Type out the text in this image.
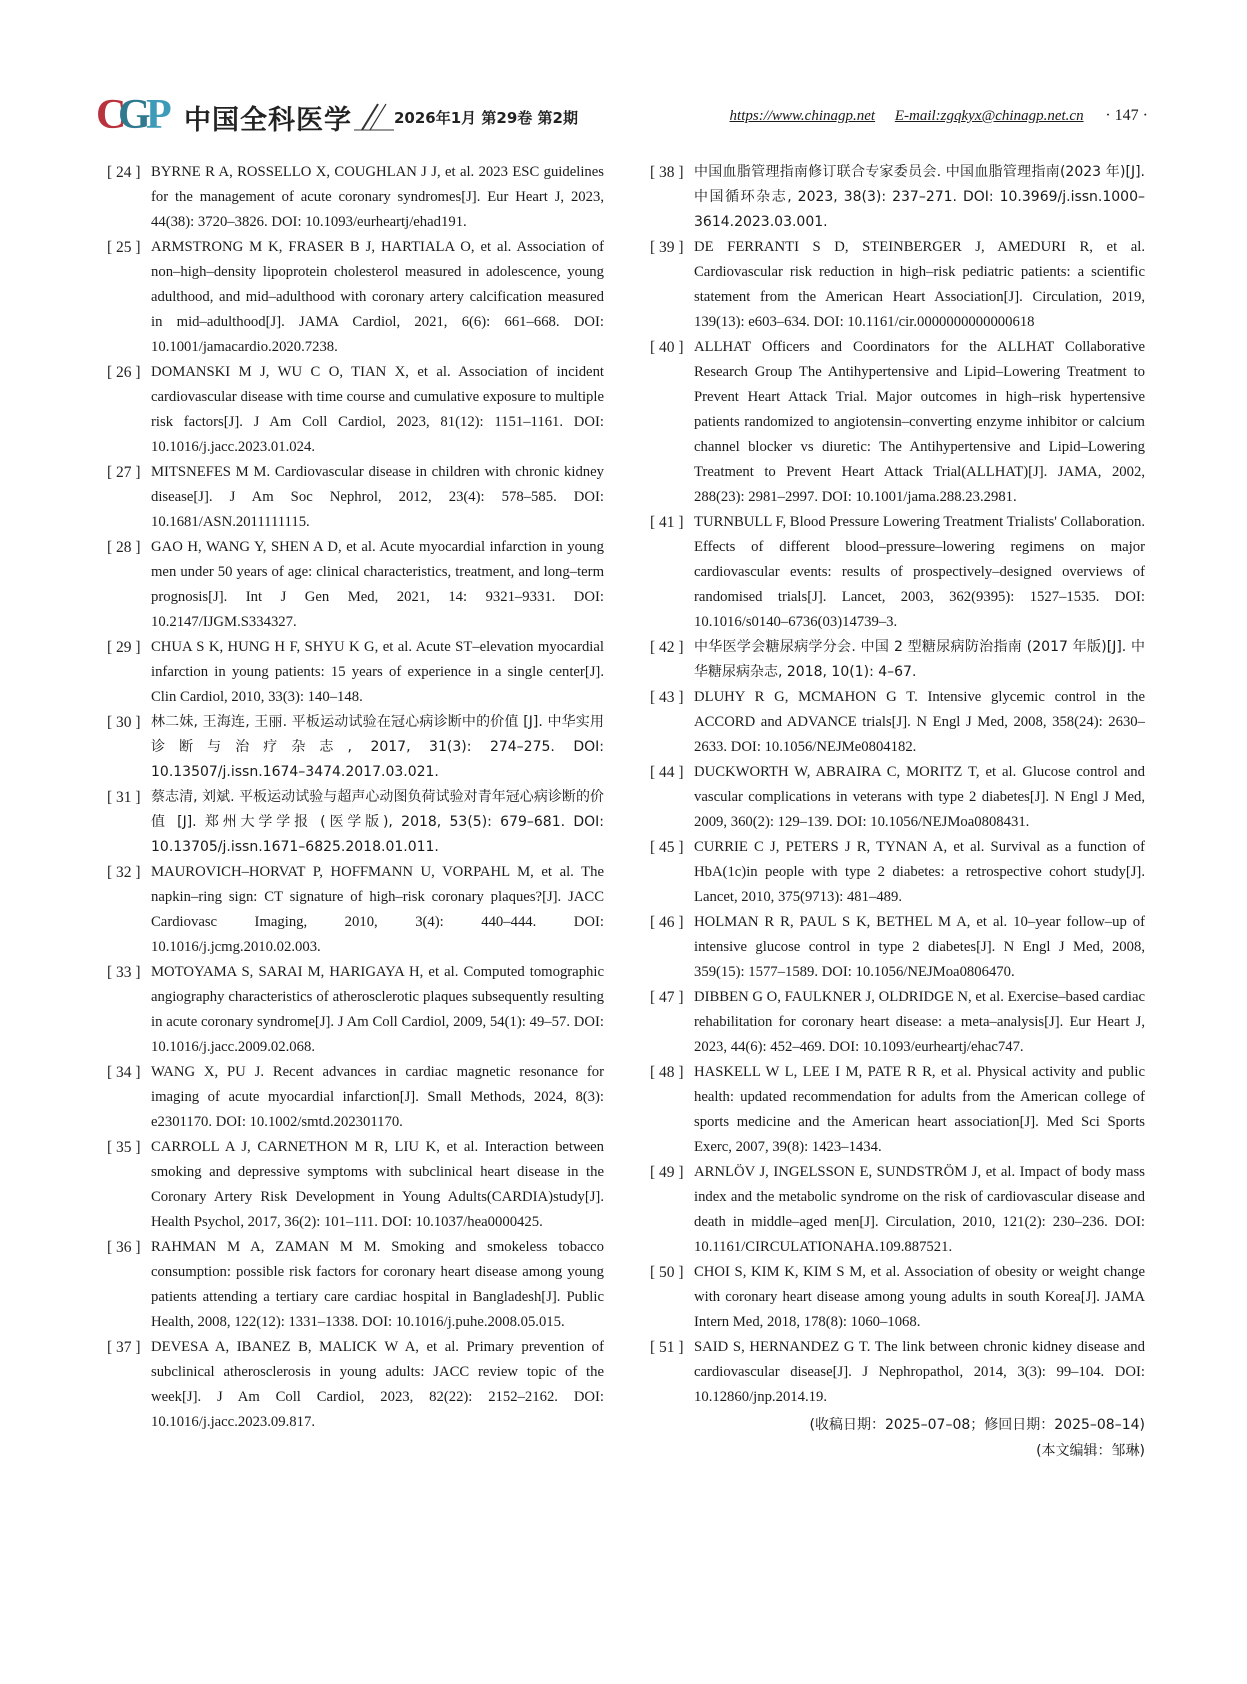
C
G
P 中国全科医学	2026年1月 第29卷 第2期	https://www.chinagp.net E-mail:zgqkyx@chinagp.net.cn · 147 ·
[ 24 ] BYRNE R A, ROSSELLO X, COUGHLAN J J, et al. 2023 ESC guidelines for the management of acute coronary syndromes[J]. Eur Heart J, 2023, 44(38): 3720–3826. DOI: 10.1093/eurheartj/ehad191.
[ 25 ] ARMSTRONG M K, FRASER B J, HARTIALA O, et al. Association of non–high–density lipoprotein cholesterol measured in adolescence, young adulthood, and mid–adulthood with coronary artery calcification measured in mid–adulthood[J]. JAMA Cardiol, 2021, 6(6): 661–668. DOI: 10.1001/jamacardio.2020.7238.
[ 26 ] DOMANSKI M J, WU C O, TIAN X, et al. Association of incident cardiovascular disease with time course and cumulative exposure to multiple risk factors[J]. J Am Coll Cardiol, 2023, 81(12): 1151–1161. DOI: 10.1016/j.jacc.2023.01.024.
[ 27 ] MITSNEFES M M. Cardiovascular disease in children with chronic kidney disease[J]. J Am Soc Nephrol, 2012, 23(4): 578–585. DOI: 10.1681/ASN.2011111115.
[ 28 ] GAO H, WANG Y, SHEN A D, et al. Acute myocardial infarction in young men under 50 years of age: clinical characteristics, treatment, and long–term prognosis[J]. Int J Gen Med, 2021, 14: 9321–9331. DOI: 10.2147/IJGM.S334327.
[ 29 ] CHUA S K, HUNG H F, SHYU K G, et al. Acute ST–elevation myocardial infarction in young patients: 15 years of experience in a single center[J]. Clin Cardiol, 2010, 33(3): 140–148.
[ 30 ] 林二妹, 王海连, 王丽. 平板运动试验在冠心病诊断中的价值 [J]. 中华实用诊断与治疗杂志, 2017, 31(3): 274–275. DOI: 10.13507/j.issn.1674–3474.2017.03.021.
[ 31 ] 蔡志清, 刘斌. 平板运动试验与超声心动图负荷试验对青年冠心病诊断的价值 [J]. 郑州大学学报 (医学版), 2018, 53(5): 679–681. DOI: 10.13705/j.issn.1671–6825.2018.01.011.
[ 32 ] MAUROVICH–HORVAT P, HOFFMANN U, VORPAHL M, et al. The napkin–ring sign: CT signature of high–risk coronary plaques?[J]. JACC Cardiovasc Imaging, 2010, 3(4): 440–444. DOI: 10.1016/j.jcmg.2010.02.003.
[ 33 ] MOTOYAMA S, SARAI M, HARIGAYA H, et al. Computed tomographic angiography characteristics of atherosclerotic plaques subsequently resulting in acute coronary syndrome[J]. J Am Coll Cardiol, 2009, 54(1): 49–57. DOI: 10.1016/j.jacc.2009.02.068.
[ 34 ] WANG X, PU J. Recent advances in cardiac magnetic resonance for imaging of acute myocardial infarction[J]. Small Methods, 2024, 8(3): e2301170. DOI: 10.1002/smtd.202301170.
[ 35 ] CARROLL A J, CARNETHON M R, LIU K, et al. Interaction between smoking and depressive symptoms with subclinical heart disease in the Coronary Artery Risk Development in Young Adults(CARDIA)study[J]. Health Psychol, 2017, 36(2): 101–111. DOI: 10.1037/hea0000425.
[ 36 ] RAHMAN M A, ZAMAN M M. Smoking and smokeless tobacco consumption: possible risk factors for coronary heart disease among young patients attending a tertiary care cardiac hospital in Bangladesh[J]. Public Health, 2008, 122(12): 1331–1338. DOI: 10.1016/j.puhe.2008.05.015.
[ 37 ] DEVESA A, IBANEZ B, MALICK W A, et al. Primary prevention of subclinical atherosclerosis in young adults: JACC review topic of the week[J]. J Am Coll Cardiol, 2023, 82(22): 2152–2162. DOI: 10.1016/j.jacc.2023.09.817.
[ 38 ] 中国血脂管理指南修订联合专家委员会. 中国血脂管理指南(2023 年)[J]. 中国循环杂志, 2023, 38(3): 237–271. DOI: 10.3969/j.issn.1000–3614.2023.03.001.
[ 39 ] DE FERRANTI S D, STEINBERGER J, AMEDURI R, et al. Cardiovascular risk reduction in high–risk pediatric patients: a scientific statement from the American Heart Association[J]. Circulation, 2019, 139(13): e603–634. DOI: 10.1161/cir.0000000000000618
[ 40 ] ALLHAT Officers and Coordinators for the ALLHAT Collaborative Research Group The Antihypertensive and Lipid–Lowering Treatment to Prevent Heart Attack Trial. Major outcomes in high–risk hypertensive patients randomized to angiotensin–converting enzyme inhibitor or calcium channel blocker vs diuretic: The Antihypertensive and Lipid–Lowering Treatment to Prevent Heart Attack Trial(ALLHAT)[J]. JAMA, 2002, 288(23): 2981–2997. DOI: 10.1001/jama.288.23.2981.
[ 41 ] TURNBULL F, Blood Pressure Lowering Treatment Trialists' Collaboration. Effects of different blood–pressure–lowering regimens on major cardiovascular events: results of prospectively–designed overviews of randomised trials[J]. Lancet, 2003, 362(9395): 1527–1535. DOI: 10.1016/s0140–6736(03)14739–3.
[ 42 ] 中华医学会糖尿病学分会. 中国 2 型糖尿病防治指南 (2017 年版)[J]. 中华糖尿病杂志, 2018, 10(1): 4–67.
[ 43 ] DLUHY R G, MCMAHON G T. Intensive glycemic control in the ACCORD and ADVANCE trials[J]. N Engl J Med, 2008, 358(24): 2630–2633. DOI: 10.1056/NEJMe0804182.
[ 44 ] DUCKWORTH W, ABRAIRA C, MORITZ T, et al. Glucose control and vascular complications in veterans with type 2 diabetes[J]. N Engl J Med, 2009, 360(2): 129–139. DOI: 10.1056/NEJMoa0808431.
[ 45 ] CURRIE C J, PETERS J R, TYNAN A, et al. Survival as a function of HbA(1c)in people with type 2 diabetes: a retrospective cohort study[J]. Lancet, 2010, 375(9713): 481–489.
[ 46 ] HOLMAN R R, PAUL S K, BETHEL M A, et al. 10–year follow–up of intensive glucose control in type 2 diabetes[J]. N Engl J Med, 2008, 359(15): 1577–1589. DOI: 10.1056/NEJMoa0806470.
[ 47 ] DIBBEN G O, FAULKNER J, OLDRIDGE N, et al. Exercise–based cardiac rehabilitation for coronary heart disease: a meta–analysis[J]. Eur Heart J, 2023, 44(6): 452–469. DOI: 10.1093/eurheartj/ehac747.
[ 48 ] HASKELL W L, LEE I M, PATE R R, et al. Physical activity and public health: updated recommendation for adults from the American college of sports medicine and the American heart association[J]. Med Sci Sports Exerc, 2007, 39(8): 1423–1434.
[ 49 ] ARNLÖV J, INGELSSON E, SUNDSTRÖM J, et al. Impact of body mass index and the metabolic syndrome on the risk of cardiovascular disease and death in middle–aged men[J]. Circulation, 2010, 121(2): 230–236. DOI: 10.1161/CIRCULATIONAHA.109.887521.
[ 50 ] CHOI S, KIM K, KIM S M, et al. Association of obesity or weight change with coronary heart disease among young adults in south Korea[J]. JAMA Intern Med, 2018, 178(8): 1060–1068.
[ 51 ] SAID S, HERNANDEZ G T. The link between chronic kidney disease and cardiovascular disease[J]. J Nephropathol, 2014, 3(3): 99–104. DOI: 10.12860/jnp.2014.19.
(收稿日期：2025–07–08；修回日期：2025–08–14)
(本文编辑：邹琳)
